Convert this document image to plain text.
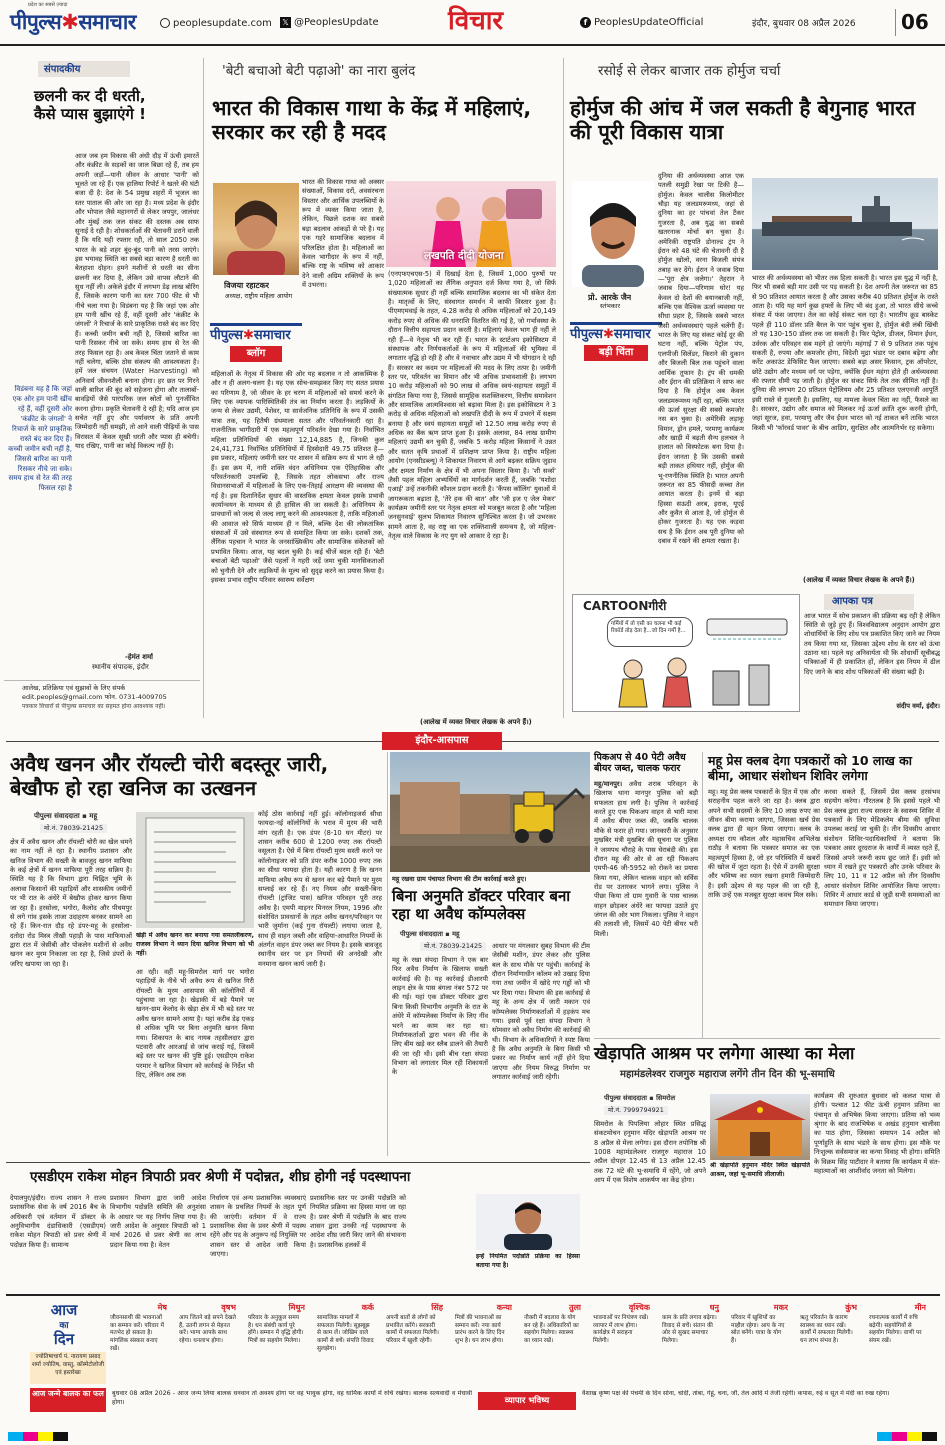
पीपुल्स✱समाचार
प्रदेश का सबसे ज़्यादा
peoplesupdate.com 𝕏 @PeoplesUpdate	विचार	f PeoplesUpdateOfficial	इंदौर, बुधवार 08 अप्रैल 2026	06
संपादकीय
छलनी कर दी धरती, कैसे प्यास बुझाएंगे !
आज जब हम विकास की अंधी दौड़ में ऊंची इमारतें और कंक्रीट के सड़कों का जाल बिछा रहे हैं, तब हम अपनी जड़ों—यानी जीवन के आधार 'पानी' को भूलते जा रहे हैं। एक हालिया रिपोर्ट ने खतरे की घंटी बजा दी है: देश के 54 प्रमुख शहरों में भूजल का स्तर पाताल की ओर जा रहा है। मध्य प्रदेश के इंदौर और भोपाल जैसे महानगरों से लेकर जयपुर, जालंधर और मुंबई तक जल संकट की दस्तक अब साफ सुनाई दे रही है। शोधकर्ताओं की चेतावनी डराने वाली है कि यदि यही रफ्तार रही, तो साल 2050 तक भारत के बड़े शहर बूंद-बूंद पानी को तरस जाएंगे। इस भयावह स्थिति का सबसे बड़ा कारण है धरती का बेतहाशा दोहन। हमने मशीनों से धरती का सीना छलनी कर दिया है, लेकिन उसे वापस लौटाने की सुध नहीं ली। अकेले इंदौर में लगभग डेढ़ लाख बोरिंग हैं, जिसके कारण पानी का स्तर 700 फीट से भी नीचे चला गया है। विडंबना यह है कि जहां एक ओर हम पानी खींच रहे हैं, वहीं दूसरी ओर 'कंक्रीट के जंगलों' ने रिचार्ज के सारे प्राकृतिक रास्ते बंद कर दिए हैं। कच्ची जमीन बची नहीं है, जिससे बारिश का पानी रिसकर नीचे जा सके। समय हाथ से रेत की तरह फिसल रहा है। अब केवल चिंता जताने से काम नहीं चलेगा, बल्कि ठोस संकल्प की आवश्यकता है। हमें जल संचयन (Water Harvesting) को अनिवार्य जीवनशैली बनाना होगा। हर छत पर गिरने वाली बारिश की बूंद को सहेजना होगा और तालाबों-बावड़ियों जैसे पारंपरिक जल स्रोतों को पुनर्जीवित करना होगा। प्रकृति चेतावनी दे रही है; यदि आज हम सचेत नहीं हुए और पर्यावरण के प्रति अपनी जिम्मेदारी नहीं समझी, तो आने वाली पीढ़ियों के पास विरासत में केवल सूखी धरती और प्यास ही बचेगी। याद रखिए, पानी का कोई विकल्प नहीं है।
-हेमंत शर्मा
स्थानीय संपादक, इंदौर
विडंबना यह है कि जहां एक ओर हम पानी खींच रहे हैं, वहीं दूसरी ओर 'कंक्रीट के जंगलों' ने रिचार्ज के सारे प्राकृतिक रास्ते बंद कर दिए हैं। कच्ची जमीन बची नहीं है, जिससे बारिश का पानी रिसकर नीचे जा सके। समय हाथ से रेत की तरह फिसल रहा है
आलेख, प्रतिक्रिया एवं सुझावों के लिए संपर्क
edit.peoples@gmail.com फोन. 0731-4009705
पत्रकार विचारों से पीपुल्स समाचार का सहमत होना आवश्यक नहीं।
'बेटी बचाओ बेटी पढ़ाओ' का नारा बुलंद
भारत की विकास गाथा के केंद्र में महिलाएं, सरकार कर रही है मदद
विजया रहाटकर
अध्यक्ष, राष्ट्रीय महिला आयोग
पीपुल्स✱समाचार
ब्लॉग
भारत की विकास गाथा को अक्सर संख्याओं, विकास दरों, अवसंरचना विस्तार और आर्थिक उपलब्धियों के रूप में व्यक्त किया जाता है, लेकिन, पिछले दशक का सबसे बड़ा बदलाव आंकड़ों से परे है। यह एक गहरे सामाजिक बदलाव में परिलक्षित होता है। महिलाओं का केवल भागीदार के रूप में नहीं, बल्कि राष्ट्र के भविष्य को आकार देने वाली अग्रिम शक्तियों के रूप में उभरना।
लखपति दीदी योजना
महिलाओं के नेतृत्व में विकास की ओर यह बदलाव न तो आकस्मिक है और न ही अलग-थलग है। यह एक सोच-समझकर किए गए सतत प्रयास का परिणाम है, जो जीवन के हर चरण में महिलाओं को समर्थ करने के लिए एक व्यापक पारिस्थितिकी तंत्र का निर्माण करता है। लड़कियों के जन्म से लेकर उद्यमी, पेशेवर, या सार्वजनिक प्रतिनिधि के रूप में उसकी यात्रा तक, यह हितैषी ग्रंथमाला सतत और परिवर्तनकारी रहा है। राजनीतिक भागीदारी में एक महत्वपूर्ण परिवर्तन देखा गया है। निर्वाचित महिला प्रतिनिधियों की संख्या 12,14,885 है, जिनकी कुल 24,41,731 निर्वाचित प्रतिनिधियों में हिस्सेदारी 49.75 प्रतिशत है—इस प्रकार, महिलाएं जमीनी स्तर पर शासन में सक्रिय रूप से भाग ले रही हैं। इस क्रम में, नारी शक्ति वंदन अधिनियम एक ऐतिहासिक और परिवर्तनकारी उपलब्धि है, जिसके तहत लोकसभा और राज्य विधानसभाओं में महिलाओं के लिए एक-तिहाई आरक्षण की व्यवस्था की गई है। इस दिशानिर्देश सुधार की वास्तविक क्षमता केवल इसके प्रभावी कार्यान्वयन के माध्यम से ही हासिल की जा सकती है। अधिनियम के प्रावधानों को जल्द से जल्द लागू करने की आवश्यकता है, ताकि महिलाओं की आवाज को सिर्फ माध्यम ही न मिले, बल्कि देश की लोकतांत्रिक संस्थाओं में उसे संस्थागत रूप से समाहित किया जा सके। दशकों तक, लैंगिक पहचान ने भारत के जनसांख्यिकीय और सामाजिक संकेतकों को प्रभावित किया। आज, यह बदल चुकी है। कई चीजें बदल रही हैं। 'बेटी बचाओ बेटी पढ़ाओ' जैसे पहलों ने गहरी जड़ें जमा चुकी मानसिकताओं को चुनौती देने और लड़कियों के मूल्य को सुदृढ़ करने का प्रयास किया है। इसका प्रभाव राष्ट्रीय परिवार स्वास्थ्य सर्वेक्षण
(एनएफएचएस-5) में दिखाई देता है, जिसमें 1,000 पुरुषों पर 1,020 महिलाओं का लैंगिक अनुपात दर्ज किया गया है, जो सिर्फ संख्यात्मक सुधार ही नहीं बल्कि सामाजिक बदलाव का भी संकेत देता है। मातृत्वों के लिए, संस्थागत समर्थन में काफी विस्तार हुआ है। पीएमएमवाई के तहत, 4.28 करोड़ से अधिक महिलाओं को 20,149 करोड़ रुपए से अधिक की धनराशि वितरित की गई है, जो गर्भावस्था के दौरान वित्तीय सहायता प्रदान करती है। महिलाएं केवल भाग ही नहीं ले रही हैं—वे नेतृत्व भी कर रही हैं। भारत के स्टार्टअप इकोसिस्टम में संस्थापक और निर्णयकर्ताओं के रूप में महिलाओं की भूमिका में लगातार वृद्धि हो रही है और वे नवाचार और उद्यम में भी योगदान दे रही हैं। सरकार का कदम पर महिलाओं की मदद के लिए तत्पर है। जमीनी स्तर पर, परिवर्तन का विमान और भी अधिक प्रभावशाली है। लगभग 10 करोड़ महिलाओं को 90 लाख से अधिक स्वयं-सहायता समूहों में संगठित किया गया है, जिससे सामूहिक सशक्तिकरण, वित्तीय समावेशन और सामाजिक आत्मविश्वास को बढ़ावा मिला है। इस इकोसिस्टम ने 3 करोड़ से अधिक महिलाओं को लखपति दीदी के रूप में उभरने में सक्षम बनाया है और स्वयं सहायता समूहों को 12.50 लाख करोड़ रुपए से अधिक का बैंक ऋण प्राप्त हुआ है। इसके अलावा, 84 लाख ग्रामीण महिलाएं उद्यमी बन चुकी हैं, जबकि 5 करोड़ महिला किसानों ने उन्नत और सतत कृषि प्रथाओं में प्रशिक्षण प्राप्त किया है। राष्ट्रीय महिला आयोग (एनसीडब्ल्यू) ने शिकायत निवारण से आगे बढ़कर सक्रिय जुड़ाव और क्षमता निर्माण के क्षेत्र में भी अपना विस्तार किया है। 'शी सर्व्स' जैसी पहल महिला अभ्यर्थियों का मार्गदर्शन करती हैं, जबकि 'यशोदा एआई' उन्हें तकनीकी कौशल प्रदान करती है। 'कैंपस कॉलिंग' युवाओं में जागरूकता बढ़ाता है, 'तेरे हक की बात' और 'जी इज ए जेल मेकर' कार्यक्रम जमीनी स्तर पर नेतृत्व क्षमता को मजबूत करता है और 'महिला जनसुनवाई' सुलभ शिकायत निवारण सुनिश्चित करता है। जो उभरकर सामने आता है, वह राष्ट्र का एक शक्तिशाली समन्वय है, जो महिला-नेतृत्व वाले विकास के नए युग को आकार दे रहा है।
(आलेख में व्यक्त विचार लेखक के अपने हैं।)
रसोई से लेकर बाजार तक होर्मुज चर्चा
होर्मुज की आंच में जल सकती है बेगुनाह भारत की पूरी विकास यात्रा
प्रो. आरके जैन
स्तंभकार
पीपुल्स✱समाचार
बड़ी चिंता
दुनिया की अर्थव्यवस्था आज एक पतली समुद्री रेखा पर टिकी है—होर्मुज। केवल चालीस किलोमीटर चौड़ा यह जलडमरूमध्य, जहां से दुनिया का हर पांचवां तेल टैंकर गुजरता है, अब युद्ध का सबसे खतरनाक मोर्चा बन चुका है। अमेरिकी राष्ट्रपति डोनाल्ड ट्रंप ने ईरान को 48 घंटे की चेतावनी दी है होर्मुज खोलो, वरना बिजली संयंत्र तबाह कर देंगे। ईरान ने जवाब दिया—'पूरा क्षेत्र जलेगा।' तेहरान ने जवाब दिया—परिणाम घोर! यह केवल दो देशों की बयानबाजी नहीं, बल्कि एक वैश्विक ऊर्जा व्यवस्था पर सीधा प्रहार है, जिसके सबसे भारत जैसी अर्थव्यवस्थाएं पहले चलेंगी हैं। भारत के लिए यह संकट कोई दूर की घटना नहीं, बल्कि पेट्रोल पंप, एलपीजी सिलेंडर, किराने की दुकान और बिजली बिल तक पहुंचने वाला आर्थिक तूफान है। ट्रंप की धमकी और ईरान की प्रतिक्रिया ने साफ कर दिया है कि होर्मुज अब केवल जलडमरूमध्य नहीं रहा, बल्कि भारत की ऊर्जा सुरक्षा की सबसे कमजोर नस बन चुका है। अमेरिकी लड़ाकू विमान, ड्रोन हमले, परमाणु कार्यक्रम और खाड़ी में बढ़ती सैन्य हलचल ने हालात को विस्फोटक बना दिया है। ईरान जानता है कि उसकी सबसे बड़ी ताकत हथियार नहीं, होर्मुज की भू-रणनीतिक स्थिति है। भारत अपनी जरूरत का 85 फीसदी कच्चा तेल आयात करता है। इनमें से बड़ा हिस्सा सऊदी अरब, इराक, यूएई और कुवैत से आता है, जो होर्मुज से होकर गुजरता है। यह एक कड़वा सच है कि ईरान अब पूरी दुनिया को दबाव में रखने की क्षमता रखता है।
भारत की अर्थव्यवस्था को भीतर तक हिला सकती है। भारत इस युद्ध में नहीं है, फिर भी सबसे बड़ी मार उसी पर पड़ सकती है। देश अपनी तेल जरूरत का 85 से 90 प्रतिशत आयात करता है और उसका करीब 40 प्रतिशत होर्मुज के रास्ते आता है। यदि यह मार्ग कुछ हफ्तों के लिए भी बंद हुआ, तो भारत सीधे कच्चे संकट में फंस जाएगा। तेल का कोई संकट चल रहा है। भारतीय क्रूड बास्केट पहले ही 110 डॉलर प्रति बैरल के पार पहुंच चुका है, होर्मुज बंदी लंबी खिंची तो यह 130-150 डॉलर तक जा सकती है। फिर पेट्रोल, डीजल, विमान ईंधन, उर्वरक और परिवहन सब महंगे हो जाएंगे। महंगाई 7 से 9 प्रतिशत तक पहुंच सकती है, रुपया और कमजोर होगा, विदेशी मुद्रा भंडार पर दबाव बढ़ेगा और करेंट अकाउंट डेफिसिट फैल जाएगा। सबसे बड़ा असर किसान, ट्रक ऑपरेटर, छोटे उद्योग और मध्यम वर्ग पर पड़ेगा, क्योंकि ईंधन महंगा होते ही अर्थव्यवस्था की रफ्तार धीमी पड़ जाती है। होर्मुज का संकट सिर्फ तेल तक सीमित नहीं है। दुनिया की लगभग 20 प्रतिशत पेट्रोलियम और 25 प्रतिशत एलएनजी आपूर्ति इसी रास्ते से गुजरती है। इसलिए, यह मामला केवल चिंता का नहीं, फैसले का है। सरकार, उद्योग और समाज को मिलकर नई ऊर्जा क्रांति शुरू करनी होगी, जहां सूरज, हवा, परमाणु और जैव ईंधन भारत को नई ताकत बनें ताकि भारत किसी भी 'फॉरवर्ड पावर' के बीच आडिग, सुरक्षित और आत्मनिर्भर रह सकेगा।
(आलेख में व्यक्त विचार लेखक के अपने हैं।)
CARTOONगीरी
गर्मियों में तो एसी का चलना भी कई रिकॉर्ड तोड़ देता है...जो दिन गर्मी है...
आपका पत्र
आज भारत में सोच प्रकाशन की प्रक्रिया बढ़ रही है लेकिन स्थिति से जुड़े हुए हैं। विश्वविद्यालय अनुदान आयोग द्वारा शोधार्थियों के लिए शोध पत्र प्रकाशित किए जाने का नियम तय किया गया था, जिसका उद्देश्य शोध के स्तर को ऊंचा उठाना था। पहले यह अनिवार्यता थी कि शोधार्थी सूचीबद्ध पत्रिकाओं में ही प्रकाशित हों, लेकिन इस नियम में ढील दिए जाने के बाद शोध पत्रिकाओं की संख्या बढ़ी है।
संदीप वर्मा, इंदौर।
इंदौर-आसपास
अवैध खनन और रॉयल्टी चोरी बदस्तूर जारी, बेखौफ हो रहा खनिज का उत्खनन
पीपुल्स संवाददाता ▪ महू
मो.नं. 78039-21425
क्षेत्र में अवैध खनन और रॉयल्टी चोरी का खेल थमने का नाम नहीं ले रहा है। स्थानीय प्रशासन और खनिज विभाग की सख्ती के बावजूद खनन माफिया के कई क्षेत्रों में खनन माफिया पूरी तरह सक्रिय है। स्थिति यह है कि विभाग द्वारा चिह्नित भूमि के अलावा किसानों की पहाड़ियों और शासकीय जमीनों पर भी रात के अंधेरे में बेखौफ होकर खनन किया जा रहा है। हरसोला, भगोरा, कैलोद और पीथमपुर से लगे गांव इसके ताजा उदाहरण बनकर सामने आ रहे हैं। किन-रात दौड़ रहे डंपर-महू के हरसोला-दतोदा रोड मिस्त्र तीखी पहाड़ी के पास माफियाओं द्वारा रात में जेसीबी और पोकलेन मशीनों से अवैध खनन कर मुरम निकाला जा रहा है, जिसे डंपरों के जरिए खपाया जा रहा है।
खेड़ी में अवैध खनन कर बनाया गया समतलीकरण, राजस्व विभाग ने ध्यान दिया खनिज विभाग को भी नहीं।
आ रही। वहीं महू-सिमरोल मार्ग पर भगोरा पहाड़ियों के नीचे भी अवैध रूप से खनिज गिरी रॉयल्टी के मुरम आसपास की कॉलोनियों में पहुंचाया जा रहा है। खेड़ाकी में बड़े पैमाने पर खनन-ग्राम केलोद के खेड़ा क्षेत्र में भी बड़े स्तर पर अवैध खनन सामने आया है। यहां करीब डेढ़ एकड़ से अधिक भूमि पर बिना अनुमति खनन किया गया। शिकायत के बाद नायब तहसीलदार द्वारा पटवारी और आरआई से जांच कराई गई, जिसमें बड़े स्तर पर खनन की पुष्टि हुई। एसडीएम राकेश परमार ने खनिज विभाग को कार्रवाई के निर्देश भी दिए, लेकिन अब तक
कोई ठोस कार्रवाई नहीं हुई। कॉलोनाइजर्स सीधा फायदा-नई कॉलोनियों के भराव में मुरम की भारी मांग रहती है। एक डंपर (8-10 घन मीटर) पर शासन करीब 600 से 1200 रुपए तक रॉयल्टी वसूलता है। ऐसे में बिना रॉयल्टी मुरम सस्ती करने पर कॉलोनाइजर को प्रति डंपर करीब 1000 रुपए तक का सीधा फायदा होता है। यही कारण है कि खनन माफिया अवैध रूप से खनन कर बड़े पैमाने पर मुरम सप्लाई कर रहे हैं। नए नियम और सख्ती-बिना रॉयल्टी (ट्रांजिट पास) खनिज परिवहन पूरी तरह अवैध है। एमपी माइनर मिनरल नियम, 1996 और संशोधित प्रावधानों के तहत अवैध खनन/परिवहन पर भारी जुर्माना (कई गुना रॉयल्टी) लगाया जाता है, साथ ही वाहन जब्ती और वाहिया-आधारित नियमों के अंतर्गत वाहन डंपर जब्त कर नियम है। इसके बावजूद स्थानीय स्तर पर इन नियमों की अनदेखी और मनमाना खनन कार्य जारी है।
महू रखवा ग्राम पंचायत विभाग की टीम कार्रवाई करते हुए।
बिना अनुमति डॉक्टर परिवार बना रहा था अवैध कॉम्पलेक्स
पीपुल्स संवाददाता ▪ महू
मो.नं. 78039-21425
महू के रखा संपदा विभाग ने एक बार फिर अवैध निर्माण के खिलाफ सख्ती कार्रवाई की है। यह कार्रवाई डीआरपी लाइन क्षेत्र के पास बंगला नंबर 572 पर की गई। यहां एक डॉक्टर परिवार द्वारा बिना किसी विभागीय अनुमति के रात के अंधेरे में कॉम्पलेक्स निर्माण के लिए नींव भरने का काम कर रहा था। निर्माणकर्ताओं द्वारा भवन की नींव के लिए बीम खड़े कर स्लैब डालने की तैयारी की जा रही थी। इसी बीच रक्षा संपदा विभाग को लगातार मिल रही शिकायतों के
आधार पर मंगलवार सुबह विभाग की टीम जेसीबी मशीन, डंपर लेकर और पुलिस बल के साथ मौके पर पहुंची। कार्रवाई के दौरान निर्माणाधीन कॉलम को उखाड़ दिया गया तथा जमीन में खोदे गए गड्ढों को भी भर दिया गया। विभाग की इस कार्रवाई से महू के अन्य क्षेत्र में जारी मकान एवं कॉम्पलेक्स निर्माणकर्ताओं में हड़कंप मच गया। इससे पूर्व रक्षा संपदा विभाग ने सोमवार को अवैध निर्माण की कार्रवाई की थी। विभाग के अधिकारियों ने स्पष्ट किया है कि अवैध अनुमति के बिना किसी भी प्रकार का निर्माण कार्य नहीं होने दिया जाएगा और नियम विरुद्ध निर्माण पर लगातार कार्रवाई जारी रहेगी।
पिकअप से 40 पेटी अवैध बीयर जब्त, चालक फरार
महू/मानपुर। अवैध शराब परिवहन के खिलाफ थाना मानपुर पुलिस को बड़ी सफलता हाथ लगी है। पुलिस ने कार्रवाई करते हुए एक पिकअप वाहन से भारी मात्रा में अवैध बीयर जब्त की, जबकि चालक मौके से फरार हो गया। जानकारी के अनुसार मुखबिर मंत्री मुखबिर की सूचना पर पुलिस ने जामपथ चौराहे के पास घेराबंदी की। इस दौरान महू की ओर से आ रही पिकअप एमपी-46 जी-5952 को रोकने का प्रयास किया गया, लेकिन चालक वाहन को सर्विस रोड पर उतारकर भागने लगा। पुलिस ने पीछा किया तो ग्राम गुवारी के पास चालक वाहन छोड़कर अंधेरे का फायदा उठाते हुए जंगल की ओर भाग निकला। पुलिस ने वाहन की तलाशी ली, जिसमें 40 पेटी बीयर भरी मिली।
महू प्रेस क्लब देगा पत्रकारों को 10 लाख का बीमा, आधार संशोधन शिविर लगेगा
महू। महू प्रेस क्लब पत्रकारों के हित में एक और सराहनीय पहल करने जा रहा है। क्लब द्वारा अपने सभी सदस्यों के लिए 10 लाख रुपए का जीवन बीमा कराया जाएगा, जिसका खर्च प्रेस क्लब द्वारा ही वहन किया जाएगा। क्लब के अध्यक्ष राय कौशल और महासचिव अभिलेख राठौड़ ने बताया कि पत्रकार समाज का एक महत्वपूर्ण हिस्सा है, जो हर परिस्थिति में खबरों की खोज में जुटा रहता है। ऐसे में उनकी सुरक्षा और भविष्य का ध्यान रखना हमारी जिम्मेदारी है। इसी उद्देश्य से यह पहल की जा रही है, ताकि उन्हें एक मजबूत सुरक्षा कवच मिल सके।
करवा सकते हैं, जिसमें प्रेस क्लब हरसंभव सहयोग करेगा। गौरतलब है कि इससे पहले भी प्रेस क्लब द्वारा राज्य सरकार के स्वास्थ्य शिविर में पत्रकारों के लिए मेडिकलेम बीमा की सुविधा उपलब्ध कराई जा चुकी है। तीन दिवसीय आधार संशोधन शिविर-पदाधिकारियों ने बताया कि पत्रकार असर दूरदराज के कार्यों में व्यस्त रहते हैं, जिससे अपने जरूरी काम छूट जाते हैं। इसी को ध्यान में रखते हुए पत्रकारों और उनके परिवार के लिए 10, 11 व 12 अप्रैल को तीन दिवसीय आधार संशोधन शिविर आयोजित किया जाएगा। शिविर में आधार कार्ड से जुड़ी सभी समस्याओं का समाधान किया जाएगा।
खेड़ापति आश्रम पर लगेगा आस्था का मेला
महामंडलेश्वर राजगुरु महाराज लगेंगे तीन दिन की भू-समाधि
पीपुल्स संवाददाता ▪ सिमरोल
मो.नं. 7999794921
सिमरोल के पिपलिया लोहार स्थित प्रसिद्ध संकटमोचन हनुमान मंदिर खेड़ापति आश्रम पर 8 अप्रैल से मेला लगेगा। इस दौरान तपोनिष्ठ श्री 1008 महामंडलेश्वर राजगुरु महाराज 10 अप्रैल दोपहर 12.45 से 13 अप्रैल 12.45 तक 72 घंटे की भू-समाधि में रहेंगे, जो अपने आप में एक विशेष आकर्षण का केंद्र होगा।
श्री खेड़ापति हनुमान मंदिर स्थित खेड़ापति आश्रम, जहां भू-समाधि लीलाजी।
कार्यक्रम की शुरुआत बुधवार को कलश यात्रा से होगी। पश्चात 12 फीट ऊंची हनुमान प्रतिमा का पंचामृत से अभिषेक किया जाएगा। प्रतिमा को भव्य श्रृंगार के बाद राजभिषेक व अखंड हनुमान चालीसा का पाठ होगा, जिसका समापन 14 अप्रैल को पूर्णाहुति के साथ भंडारे के साथ होगा। इस मौके पर निःशुल्क सर्वसमाज का कन्या विवाह भी होगा। समिति के विक्रम सिंह पाटीदार ने बताया कि कार्यक्रम में संत-महात्माओं का आशीर्वाद जनता को मिलेगा।
एसडीएम राकेश मोहन त्रिपाठी प्रवर श्रेणी में पदोन्नत, शीघ्र होगी नई पदस्थापना
देपालपुर/इंदौर। राज्य शासन ने राज्य प्रशासनिक सेवा के वर्ष 2016 बैच के अधिकारी एवं वर्तमान में डॉक्टर के अनुविभागीय दंडाधिकारी (एसडीएम) राकेश मोहन त्रिपाठी को प्रवर श्रेणी में पदोन्नत किया है। सामान्य
प्रशासन विभाग द्वारा जारी आदेश विभागीय पदोन्नति समिति की अनुशंसा के आधार पर यह निर्णय लिया गया है। जारी आदेश के अनुसार त्रिपाठी को 1 मार्च 2026 से प्रवर श्रेणी का लाभ प्रदान किया गया है। वेतन
निर्धारण एवं अन्य प्रशासनिक व्यवस्थाएं शासन के प्रचलित नियमों के तहत पूर्ण की जाएंगी। वर्तमान में वे राज्य प्रशासनिक सेवा के प्रवर श्रेणी में पदस्थ रहेंगे और पद के अनुरूप नई नियुक्ति पर शासन स्तर से आदेश जारी किया जाएगा।
प्रशासनिक स्तर पर उनकी पदोन्नति को नियमित प्रक्रिया का हिस्सा माना जा रहा है। प्रवर श्रेणी में पदोन्नति के बाद राज्य शासन द्वारा उनकी नई पदस्थापना के आदेश शीघ्र जारी किए जाने की संभावना है। प्रशासनिक हलकों में
इन्हें नियमित पदोन्नति प्रक्रिया का हिस्सा बताया गया है।
आज
का
दिन
ज्योतिषाचार्य पं. नारायण प्रसाद शर्मा ज्योतिष, वास्तु, कॉस्मेटोलोजी एवं हस्तरेखा
आज जन्मे बालक का फल	बुधवार 08 अप्रैल 2026 - आज जन्म लिया बालक धनवान तो अवश्य होगा पर वह भावुक होगा, वह धार्मिक कार्यों में रुचि रखेगा। बालक सत्यवादी व मेधावी होगा।	व्यापार भविष्य
वैशाख कृष्ण पक्ष की पंचमी के दिन सोना, चांदी, तांबा, गेहूं, चना, जौ, तेल आदि में तेजी रहेगी। कपास, रुई व सूत में मंदी का रुख रहेगा।
मेष
जीवनसाथी की भावनाओं का सम्मान करें। परिवार में मतभेद हो सकता है। मांगलिक संस्कार बनाए रखें।
वृषभ
आप जितने बड़े सपने देखते हैं, उतनी लगन से मेहनत करें। भाग्य आपके साथ रहेगा। धनलाभ होगा।
मिथुन
परिवार के अनुकूल समय है। धन संबंधी कार्य पूरे होंगे। सम्मान में वृद्धि होगी। मित्रों का सहयोग मिलेगा।
कर्क
सामाजिक मामलों में सफलता मिलेगी। सूझबूझ से काम लें। जोखिम वाले कामों से बचें। संपत्ति विवाद सुलझेगा।
सिंह
अपनी बातों से लोगों को प्रभावित करेंगे। सरकारी कामों में सफलता मिलेगी। परिवार में खुशी रहेगी।
कन्या
मित्रों की भावनाओं का सम्मान करें। नया कार्य प्रारंभ करने के लिए दिन शुभ है। धन लाभ होगा।
तुला
नौकरी में बदलाव के योग बन रहे हैं। अधिकारियों का सहयोग मिलेगा। स्वास्थ्य का ध्यान रखें।
वृश्चिक
भावनाओं पर नियंत्रण रखें। व्यापार में लाभ होगा। कार्यक्षेत्र में सराहना मिलेगी।
धनु
काम के प्रति लगाव बढ़ेगा। विवाद से बचें। संतान की ओर से सुखद समाचार मिलेगा।
मकर
परिवार में खुशियों का माहौल रहेगा। आय के नए स्रोत बनेंगे। यात्रा के योग हैं।
कुंभ
ऋतु परिवर्तन के कारण स्वास्थ्य का ध्यान रखें। कार्यों में सफलता मिलेगी। धन लाभ संभव है।
मीन
रचनात्मक कार्यों में रुचि बढ़ेगी। सहयोगियों से सहयोग मिलेगा। वाणी पर संयम रखें।
